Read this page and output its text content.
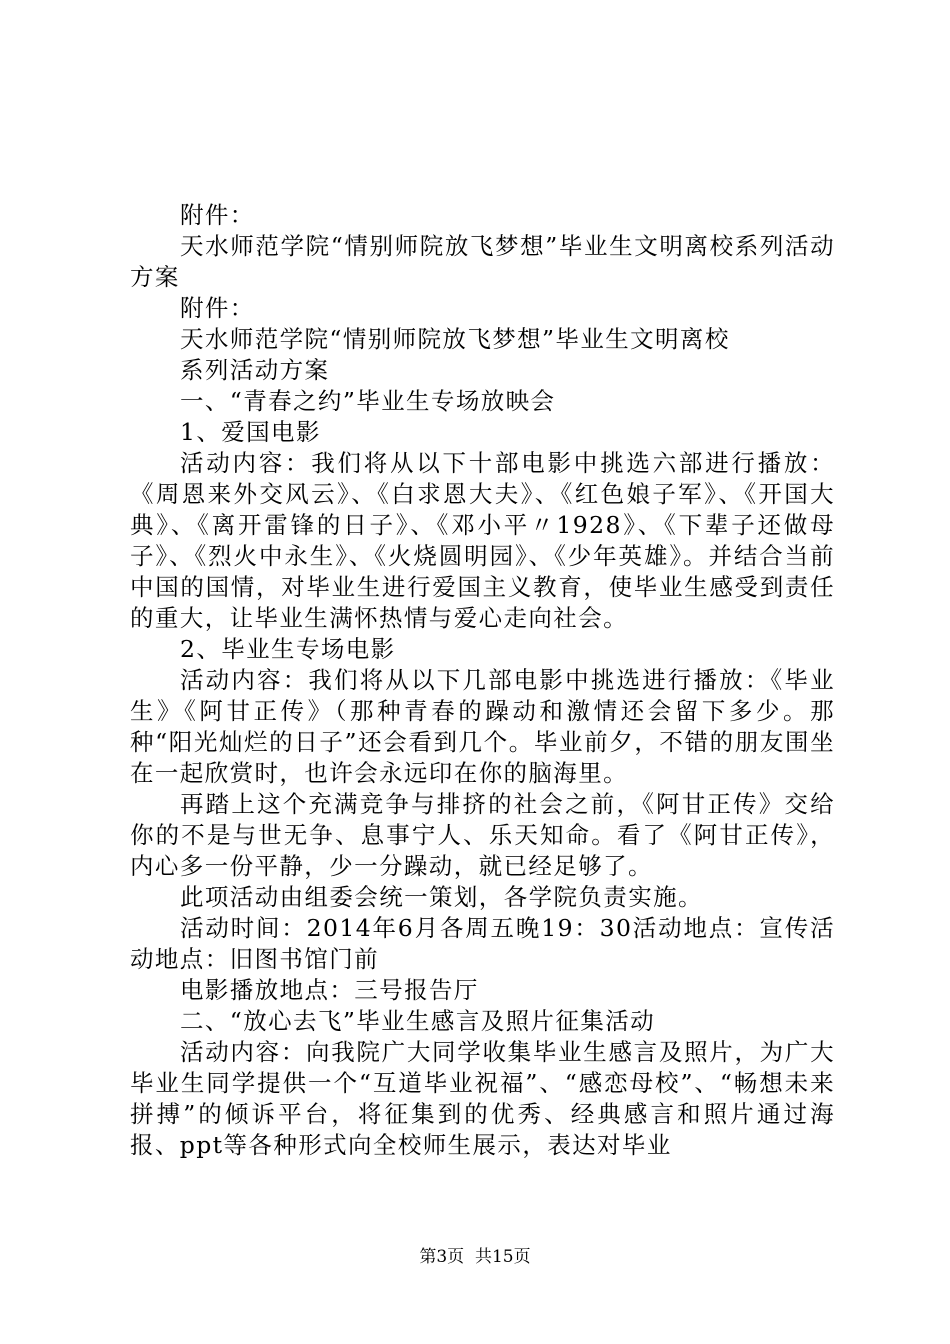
附件：

天水师范学院“情别师院放飞梦想”毕业生文明离校系列活动方案

附件：

天水师范学院“情别师院放飞梦想”毕业生文明离校

系列活动方案

一、“青春之约”毕业生专场放映会

1、爱国电影

活动内容：我们将从以下十部电影中挑选六部进行播放：《周恩来外交风云》、《白求恩大夫》、《红色娘子军》、《开国大典》、《离开雷锋的日子》、《邓小平〃1928》、《下辈子还做母子》、《烈火中永生》、《火烧圆明园》、《少年英雄》。并结合当前中国的国情，对毕业生进行爱国主义教育，使毕业生感受到责任的重大，让毕业生满怀热情与爱心走向社会。

2、毕业生专场电影

活动内容：我们将从以下几部电影中挑选进行播放：《毕业生》《阿甘正传》（那种青春的躁动和激情还会留下多少。那种“阳光灿烂的日子”还会看到几个。毕业前夕，不错的朋友围坐在一起欣赏时，也许会永远印在你的脑海里。

再踏上这个充满竞争与排挤的社会之前，《阿甘正传》交给你的不是与世无争、息事宁人、乐天知命。看了《阿甘正传》，内心多一份平静，少一分躁动，就已经足够了。

此项活动由组委会统一策划，各学院负责实施。

活动时间：2014年6月各周五晚19：30活动地点：宣传活动地点：旧图书馆门前

电影播放地点：三号报告厅

二、“放心去飞”毕业生感言及照片征集活动

活动内容：向我院广大同学收集毕业生感言及照片，为广大毕业生同学提供一个“互道毕业祝福”、“感恋母校”、“畅想未来拼搏”的倾诉平台，将征集到的优秀、经典感言和照片通过海报、ppt等各种形式向全校师生展示，表达对毕业

第3页  共15页
